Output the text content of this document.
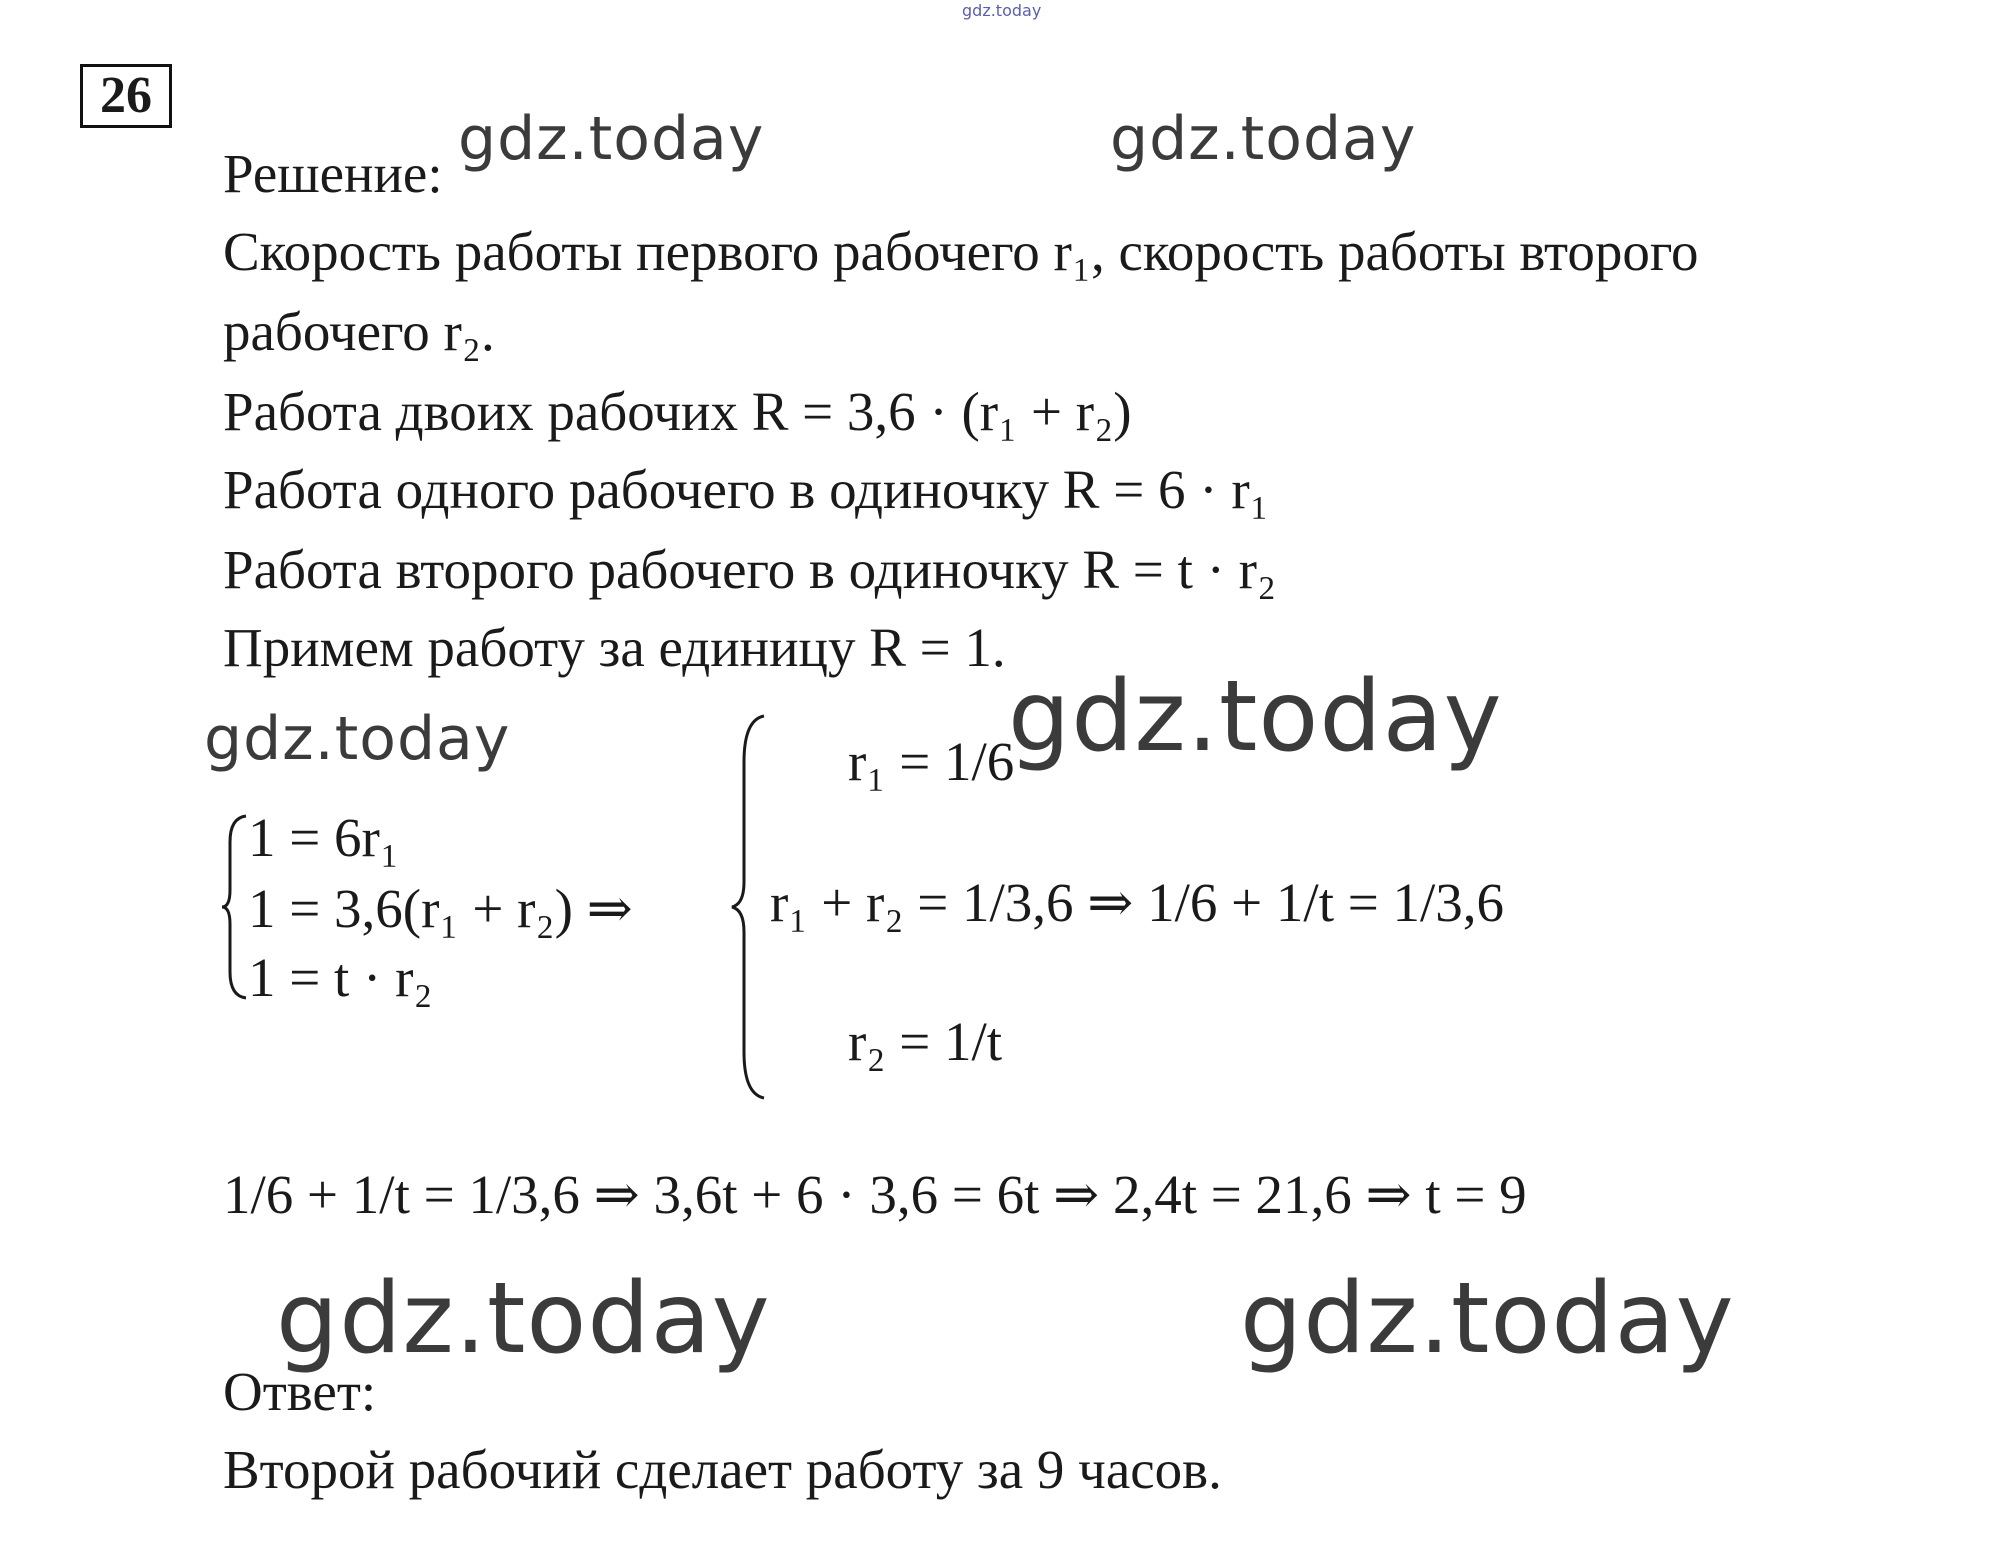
gdz.today
gdz.today	gdz.today
gdz.today	gdz.today
gdz.today	gdz.today
26
Решение:
Скорость работы первого рабочего r₁, скорость работы второго
рабочего r₂.
Работа двоих рабочих R = 3,6 · (r₁ + r₂)
Работа одного рабочего в одиночку R = 6 · r₁
Работа второго рабочего в одиночку R = t · r₂
Примем работу за единицу R = 1.
1 = 6r₁
1 = 3,6(r₁ + r₂) ⇒
1 = t · r₂
r₁ = 1/6
r₁ + r₂ = 1/3,6 ⇒ 1/6 + 1/t = 1/3,6
r₂ = 1/t
1/6 + 1/t = 1/3,6 ⇒ 3,6t + 6 · 3,6 = 6t ⇒ 2,4t = 21,6 ⇒ t = 9
Ответ:
Второй рабочий сделает работу за 9 часов.
